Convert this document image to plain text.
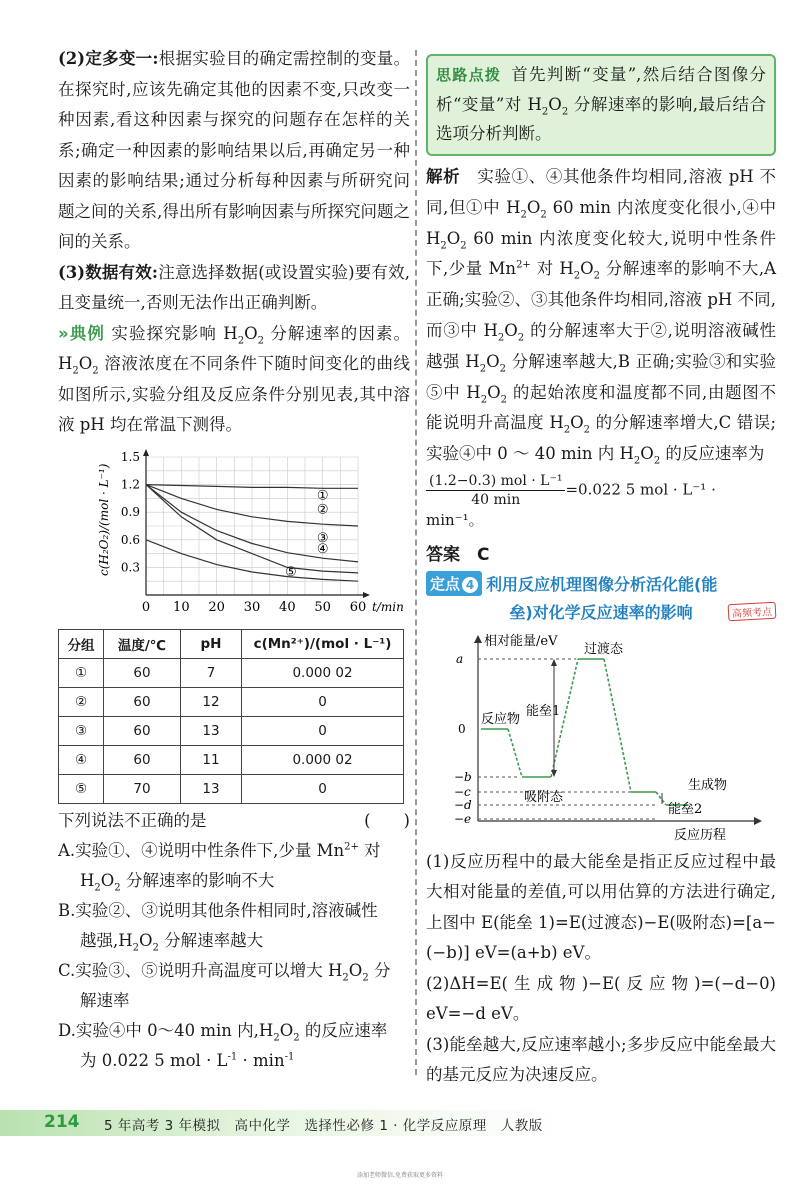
(2)定多变一:根据实验目的确定需控制的变量。在探究时,应该先确定其他的因素不变,只改变一种因素,看这种因素与探究的问题存在怎样的关系;确定一种因素的影响结果以后,再确定另一种因素的影响结果;通过分析每种因素与所研究问题之间的关系,得出所有影响因素与所探究问题之间的关系。

(3)数据有效:注意选择数据(或设置实验)要有效,且变量统一,否则无法作出正确判断。

»典例 实验探究影响 $H_2O_2$ 分解速率的因素。$H_2O_2$ 溶液浓度在不同条件下随时间变化的曲线如图所示,实验分组及反应条件分别见表,其中溶液 pH 均在常温下测得。

0 10 20 30 40 50 60 t/min
0.3
0.6
0.9
1.2
1.5
c(H₂O₂)/(mol · L⁻¹)	①
②
③
④
⑤
分组	温度/℃	pH	c(Mn²⁺)/(mol · L⁻¹)
①	60	7	0.000 02
②	60	12	0
③	60	13	0
④	60	11	0.000 02
⑤	70	13	0
下列说法不正确的是	(　　)
A.实验①、④说明中性条件下,少量 $Mn^{2+}$ 对
$H_2O_2$ 分解速率的影响不大
B.实验②、③说明其他条件相同时,溶液碱性
越强$,H_2O_2$ 分解速率越大
C.实验③、⑤说明升高温度可以增大 $H_2O_2$ 分
解速率
D.实验④中 0～40 min 内$,H_2O_2$ 的反应速率
为 0.022 5 mol · $L^{-1} \cdot \min^{-1}$

思路点拨 首先判断“变量”,然后结合图像分析“变量”对 $H_2O_2$ 分解速率的影响,最后结合选项分析判断。

解析　 实验①、④其他条件均相同,溶液 pH 不同,但①中 $H_2O_2$ 60 min 内浓度变化很小,④中 $H_2O_2$ 60 min 内浓度变化较大,说明中性条件下,少量 $Mn^{2+}$ 对 $H_2O_2$ 分解速率的影响不大,A 正确;实验②、③其他条件均相同,溶液 pH 不同,而③中 $H_2O_2$ 的分解速率大于②,说明溶液碱性越强 $H_2O_2$ 分解速率越大,B 正确;实验③和实验⑤中 $H_2O_2$ 的起始浓度和温度都不同,由题图不能说明升高温度 $H_2O_2$ 的分解速率增大,C 错误;实验④中 0 ～ 40 min 内 $H_2O_2$ 的反应速率为

$\frac{\text{(1.2−0.3) mol · L⁻¹}}{40 \min} =0.022$ 5 mol · L⁻¹ · min⁻¹。
答案　 C
定点 4 利用反应机理图像分析活化能(能
垒)对化学反应速率的影响	高频考点
相对能量/eV
反应历程
a
0
−b
−c
−d
−e
过渡态
反应物
能垒1
吸附态
生成物
能垒2

(1)反应历程中的最大能垒是指正反应过程中最大相对能量的差值,可以用估算的方法进行确定,上图中 E(能垒 1)=E(过渡态)−E(吸附态)=[a−(−b)] eV=(a+b) eV。

(2)ΔH=E(生成物)−E(反应物)=(−d−0) eV=−d eV。

(3)能垒越大,反应速率越小;多步反应中能垒最大的基元反应为决速反应。

214 5 年高考 3 年模拟　高中化学　选择性必修 1 · 化学反应原理　人教版
添加老师微信,免费获取更多资料
